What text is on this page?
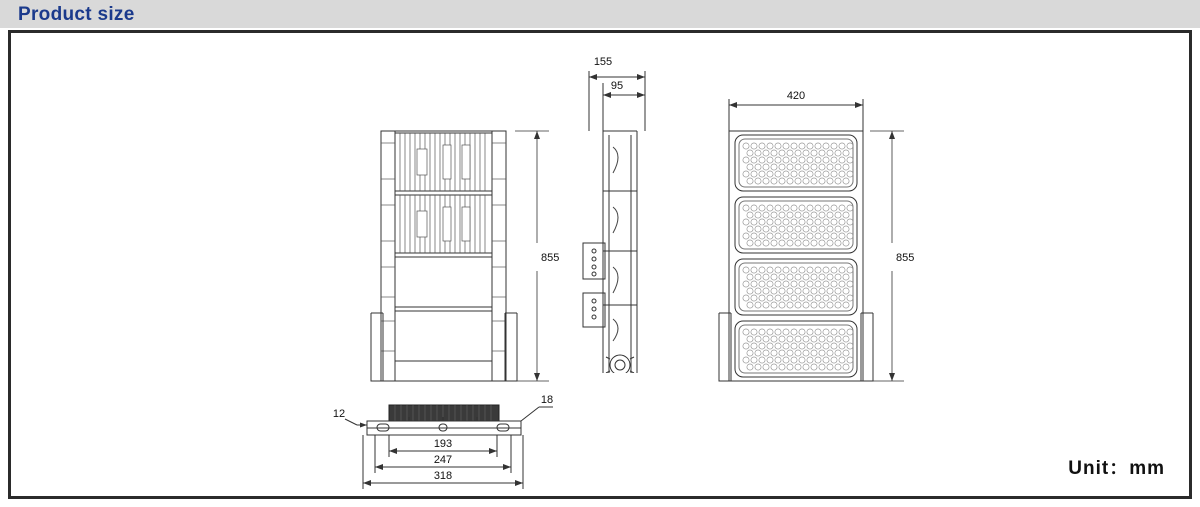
Product size
855
155
95
420
855
12
18
193
247
318	Unit：mm
